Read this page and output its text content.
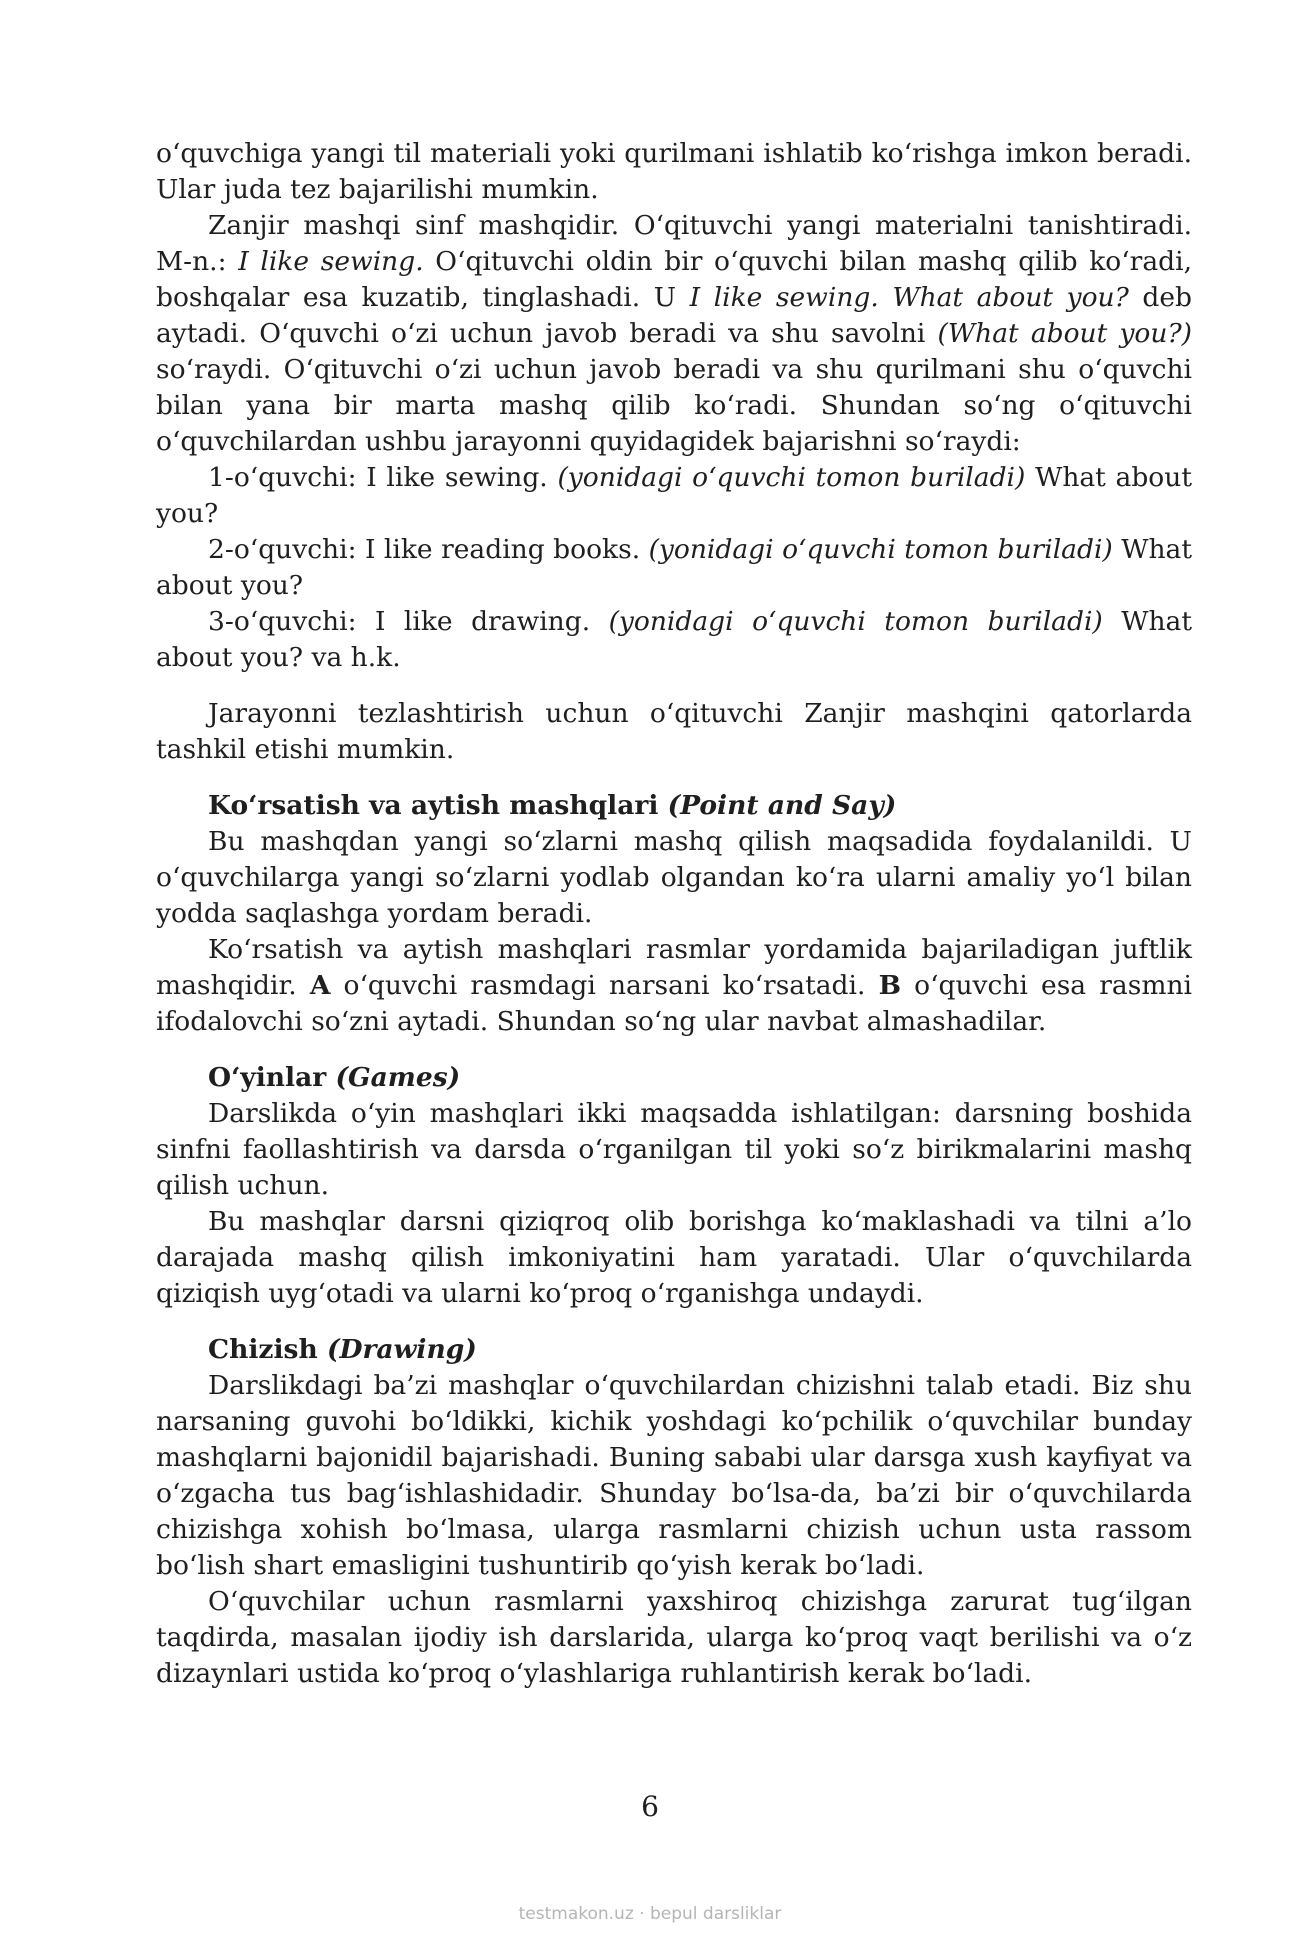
o‘quvchiga yangi til materiali yoki qurilmani ishlatib ko‘rishga imkon beradi. Ular juda tez bajarilishi mumkin.

Zanjir mashqi sinf mashqidir. O‘qituvchi yangi materialni tanishtiradi. M-n.: I like sewing. O‘qituvchi oldin bir o‘quvchi bilan mashq qilib ko‘radi, boshqalar esa kuzatib, tinglashadi. U I like sewing. What about you? deb aytadi. O‘quvchi o‘zi uchun javob beradi va shu savolni (What about you?) so‘raydi. O‘qituvchi o‘zi uchun javob beradi va shu qurilmani shu o‘quvchi bilan yana bir marta mashq qilib ko‘radi. Shundan so‘ng o‘qituvchi o‘quvchilardan ushbu jarayonni quyidagidek bajarishni so‘raydi:

1-o‘quvchi: I like sewing. (yonidagi o‘quvchi tomon buriladi) What about you?

2-o‘quvchi: I like reading books. (yonidagi o‘quvchi tomon buriladi) What about you?

3-o‘quvchi: I like drawing. (yonidagi o‘quvchi tomon buriladi) What about you? va h.k.

Jarayonni tezlashtirish uchun o‘qituvchi Zanjir mashqini qatorlarda tashkil etishi mumkin.

Ko‘rsatish va aytish mashqlari (Point and Say)

Bu mashqdan yangi so‘zlarni mashq qilish maqsadida foydalanildi. U o‘quvchilarga yangi so‘zlarni yodlab olgandan ko‘ra ularni amaliy yo‘l bilan yodda saqlashga yordam beradi.

Ko‘rsatish va aytish mashqlari rasmlar yordamida bajariladigan juftlik mashqidir. A o‘quvchi rasmdagi narsani ko‘rsatadi. B o‘quvchi esa rasmni ifodalovchi so‘zni aytadi. Shundan so‘ng ular navbat almashadilar.

O‘yinlar (Games)

Darslikda o‘yin mashqlari ikki maqsadda ishlatilgan: darsning boshida sinfni faollashtirish va darsda o‘rganilgan til yoki so‘z birikmalarini mashq qilish uchun.

Bu mashqlar darsni qiziqroq olib borishga ko‘maklashadi va tilni a’lo darajada mashq qilish imkoniyatini ham yaratadi. Ular o‘quvchilarda qiziqish uyg‘otadi va ularni ko‘proq o‘rganishga undaydi.

Chizish (Drawing)

Darslikdagi ba’zi mashqlar o‘quvchilardan chizishni talab etadi. Biz shu narsaning guvohi bo‘ldikki, kichik yoshdagi ko‘pchilik o‘quvchilar bunday mashqlarni bajonidil bajarishadi. Buning sababi ular darsga xush kayfiyat va o‘zgacha tus bag‘ishlashidadir. Shunday bo‘lsa-da, ba’zi bir o‘quvchilarda chizishga xohish bo‘lmasa, ularga rasmlarni chizish uchun usta rassom bo‘lish shart emasligini tushuntirib qo‘yish kerak bo‘ladi.

O‘quvchilar uchun rasmlarni yaxshiroq chizishga zarurat tug‘ilgan taqdirda, masalan ijodiy ish darslarida, ularga ko‘proq vaqt berilishi va o‘z dizaynlari ustida ko‘proq o‘ylashlariga ruhlantirish kerak bo‘ladi.

6
testmakon.uz · bepul darsliklar
